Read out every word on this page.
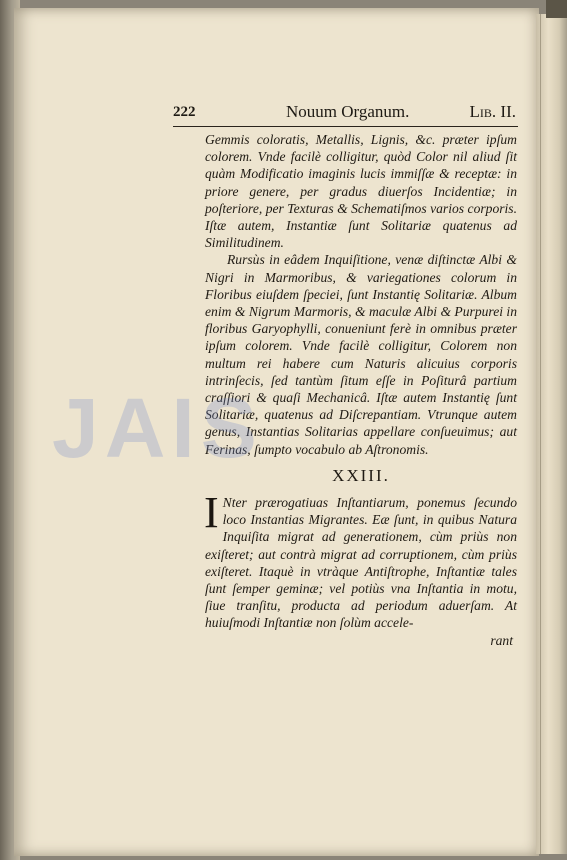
222	Nouum Organum.	Lib. II.

Gemmis coloratis, Metallis, Lignis, &c. præter ipſum colorem. Vnde facilè colligitur, quòd Color nil aliud ſit quàm Modificatio imaginis lucis immiſſæ & receptæ: in priore genere, per gradus diuerſos Incidentiæ; in poſteriore, per Texturas & Schematiſmos varios corporis. Iſtæ autem, Instantiæ ſunt Solitariæ quatenus ad Similitudinem.

Rursùs in eâdem Inquiſitione, venæ diſtinctæ Albi & Nigri in Marmoribus, & variegationes colorum in Floribus eiuſdem ſpeciei, ſunt Instantię Solitariæ. Album enim & Nigrum Marmoris, & maculæ Albi & Purpurei in floribus Garyophylli, conueniunt ferè in omnibus præter ipſum colorem. Vnde facilè colligitur, Colorem non multum rei habere cum Naturis alicuius corporis intrinſecis, ſed tantùm ſitum eſſe in Poſiturâ partium craſſiori & quaſi Mechanicâ. Iſtæ autem Instantię ſunt Solitariæ, quatenus ad Diſcrepantiam. Vtrunque autem genus, Instantias Solitarias appellare conſueuimus; aut Ferinas, ſumpto vocabulo ab Aſtronomis.

XXIII.
I Nter prærogatiuas Inſtantiarum, ponemus ſecundo loco Instantias Migrantes. Eæ ſunt, in quibus Natura Inquiſita migrat ad generationem, cùm priùs non exiſteret; aut contrà migrat ad corruptionem, cùm priùs exiſteret. Itaquè in vtràque Antiſtrophe, Inſtantiæ tales ſunt ſemper geminæ; vel potiùs vna Inſtantia in motu, ſiue tranſitu, producta ad periodum aduerſam. At huiuſmodi Inſtantiæ non ſolùm accele-

rant

JAIS
